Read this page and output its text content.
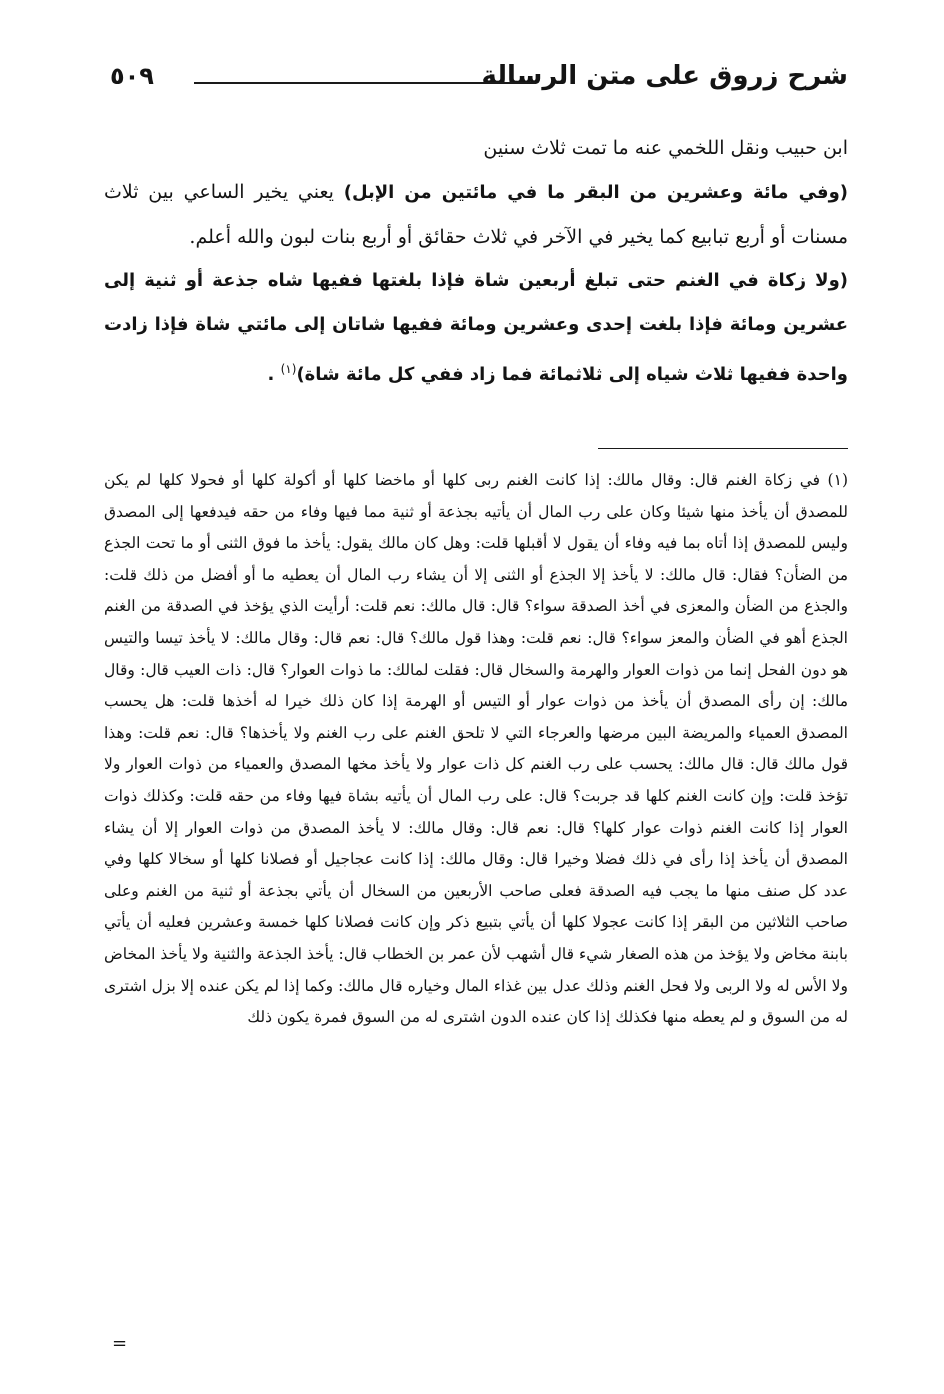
شرح زروق على متن الرسالة
٥٠٩

ابن حبيب ونقل اللخمي عنه ما تمت ثلاث سنين

(وفي مائة وعشرين من البقر ما في مائتين من الإبل) يعني يخير الساعي بين ثلاث مسنات أو أربع تبابيع كما يخير في الآخر في ثلاث حقائق أو أربع بنات لبون والله أعلم.

(ولا زكاة في الغنم حتى تبلغ أربعين شاة فإذا بلغتها ففيها شاه جذعة أو ثنية إلى عشرين ومائة فإذا بلغت إحدى وعشرين ومائة ففيها شاتان إلى مائتي شاة فإذا زادت واحدة ففيها ثلاث شياه إلى ثلاثمائة فما زاد ففي كل مائة شاة)$^{(١)}$ .

(١) في زكاة الغنم قال: وقال مالك: إذا كانت الغنم ربى كلها أو ماخضا كلها أو أكولة كلها أو فحولا كلها لم يكن للمصدق أن يأخذ منها شيئا وكان على رب المال أن يأتيه بجذعة أو ثنية مما فيها وفاء من حقه فيدفعها إلى المصدق وليس للمصدق إذا أتاه بما فيه وفاء أن يقول لا أقبلها قلت: وهل كان مالك يقول: يأخذ ما فوق الثنى أو ما تحت الجذع من الضأن؟ فقال: قال مالك: لا يأخذ إلا الجذع أو الثنى إلا أن يشاء رب المال أن يعطيه ما أو أفضل من ذلك قلت: والجذع من الضأن والمعزى في أخذ الصدقة سواء؟ قال: قال مالك: نعم قلت: أرأيت الذي يؤخذ في الصدقة من الغنم الجذع أهو في الضأن والمعز سواء؟ قال: نعم قلت: وهذا قول مالك؟ قال: نعم قال: وقال مالك: لا يأخذ تيسا والتيس هو دون الفحل إنما من ذوات العوار والهرمة والسخال قال: فقلت لمالك: ما ذوات العوار؟ قال: ذات العيب قال: وقال مالك: إن رأى المصدق أن يأخذ من ذوات عوار أو التيس أو الهرمة إذا كان ذلك خيرا له أخذها قلت: هل يحسب المصدق العمياء والمريضة البين مرضها والعرجاء التي لا تلحق الغنم على رب الغنم ولا يأخذها؟ قال: نعم قلت: وهذا قول مالك قال: قال مالك: يحسب على رب الغنم كل ذات عوار ولا يأخذ مخها المصدق والعمياء من ذوات العوار ولا تؤخذ قلت: وإن كانت الغنم كلها قد جربت؟ قال: على رب المال أن يأتيه بشاة فيها وفاء من حقه قلت: وكذلك ذوات العوار إذا كانت الغنم ذوات عوار كلها؟ قال: نعم قال: وقال مالك: لا يأخذ المصدق من ذوات العوار إلا أن يشاء المصدق أن يأخذ إذا رأى في ذلك فضلا وخيرا قال: وقال مالك: إذا كانت عجاجيل أو فصلانا كلها أو سخالا كلها وفي عدد كل صنف منها ما يجب فيه الصدقة فعلى صاحب الأربعين من السخال أن يأتي بجذعة أو ثنية من الغنم وعلى صاحب الثلاثين من البقر إذا كانت عجولا كلها أن يأتي بتبيع ذكر وإن كانت فصلانا كلها خمسة وعشرين فعليه أن يأتي بابنة مخاض ولا يؤخذ من هذه الصغار شيء قال أشهب لأن عمر بن الخطاب قال: يأخذ الجذعة والثنية ولا يأخذ المخاض ولا الأس له ولا الربى ولا فحل الغنم وذلك عدل بين غذاء المال وخياره قال مالك: وكما إذا لم يكن عنده إلا بزل اشترى له من السوق و لم يعطه منها فكذلك إذا كان عنده الدون اشترى له من السوق فمرة يكون ذلك

=
